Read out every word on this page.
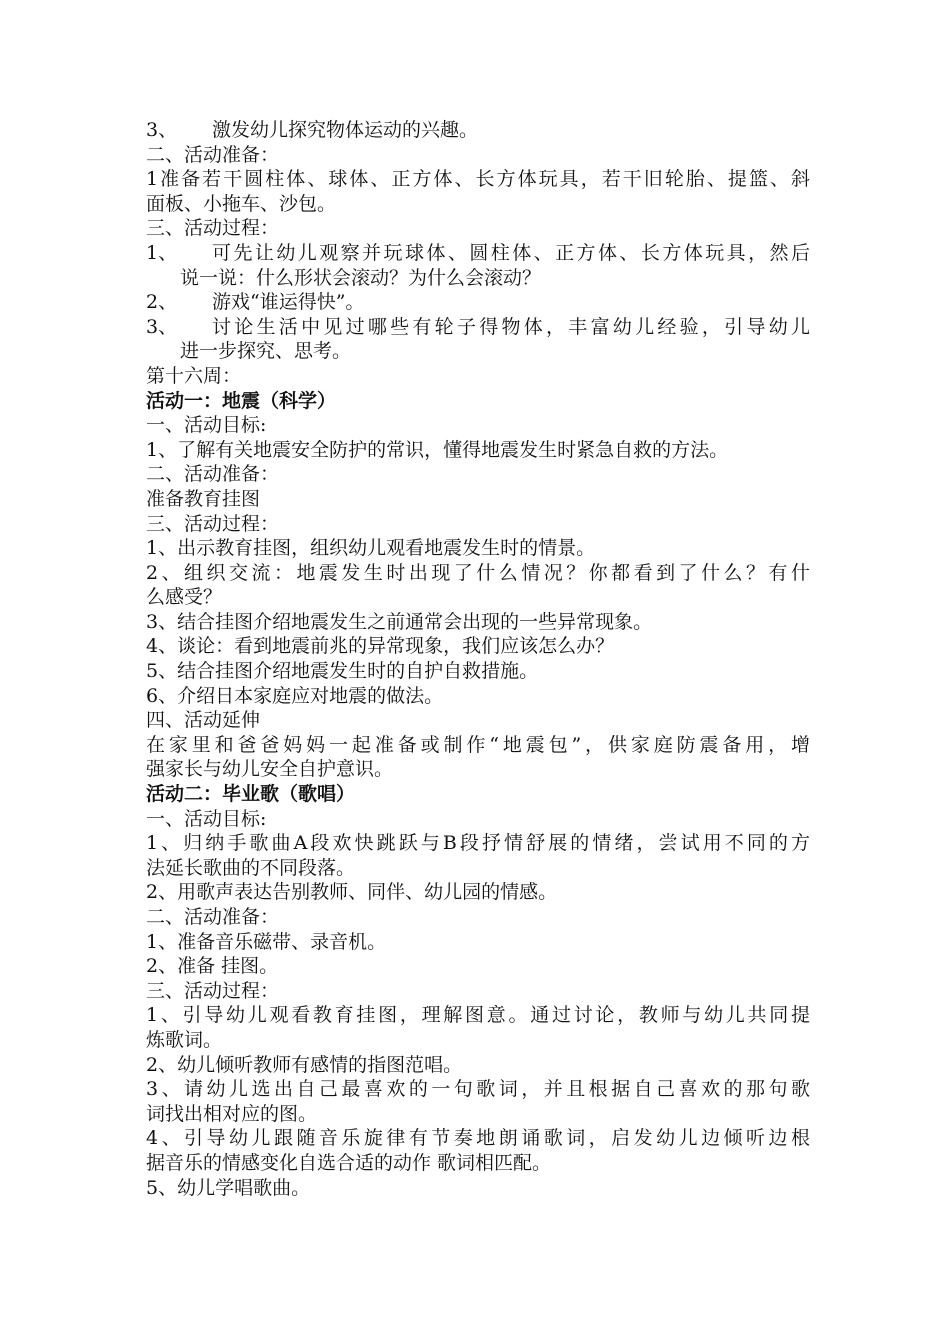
3、	激发幼儿探究物体运动的兴趣。
二、活动准备：
1准备若干圆柱体、球体、正方体、长方体玩具，若干旧轮胎、提篮、斜
面板、小拖车、沙包。
三、活动过程：
1、	可先让幼儿观察并玩球体、圆柱体、正方体、长方体玩具，然后
说一说：什么形状会滚动？为什么会滚动？
2、	游戏“谁运得快”。
3、	讨论生活中见过哪些有轮子得物体，丰富幼儿经验，引导幼儿
进一步探究、思考。
第十六周：
活动一：地震（科学）
一、活动目标:
1、了解有关地震安全防护的常识，懂得地震发生时紧急自救的方法。
二、活动准备：
准备教育挂图
三、活动过程：
1、出示教育挂图，组织幼儿观看地震发生时的情景。
2、组织交流：地震发生时出现了什么情况？你都看到了什么？有什
么感受？
3、结合挂图介绍地震发生之前通常会出现的一些异常现象。
4、谈论：看到地震前兆的异常现象，我们应该怎么办？
5、结合挂图介绍地震发生时的自护自救措施。
6、介绍日本家庭应对地震的做法。
四、活动延伸
在家里和爸爸妈妈一起准备或制作“地震包”，供家庭防震备用，增
强家长与幼儿安全自护意识。
活动二：毕业歌（歌唱）
一、活动目标:
1、归纳手歌曲A段欢快跳跃与B段抒情舒展的情绪，尝试用不同的方
法延长歌曲的不同段落。
2、用歌声表达告别教师、同伴、幼儿园的情感。
二、活动准备：
1、准备音乐磁带、录音机。
2、准备 挂图。
三、活动过程：
1、引导幼儿观看教育挂图，理解图意。通过讨论，教师与幼儿共同提
炼歌词。
2、幼儿倾听教师有感情的指图范唱。
3、请幼儿选出自己最喜欢的一句歌词，并且根据自己喜欢的那句歌
词找出相对应的图。
4、引导幼儿跟随音乐旋律有节奏地朗诵歌词，启发幼儿边倾听边根
据音乐的情感变化自选合适的动作 歌词相匹配。
5、幼儿学唱歌曲。
